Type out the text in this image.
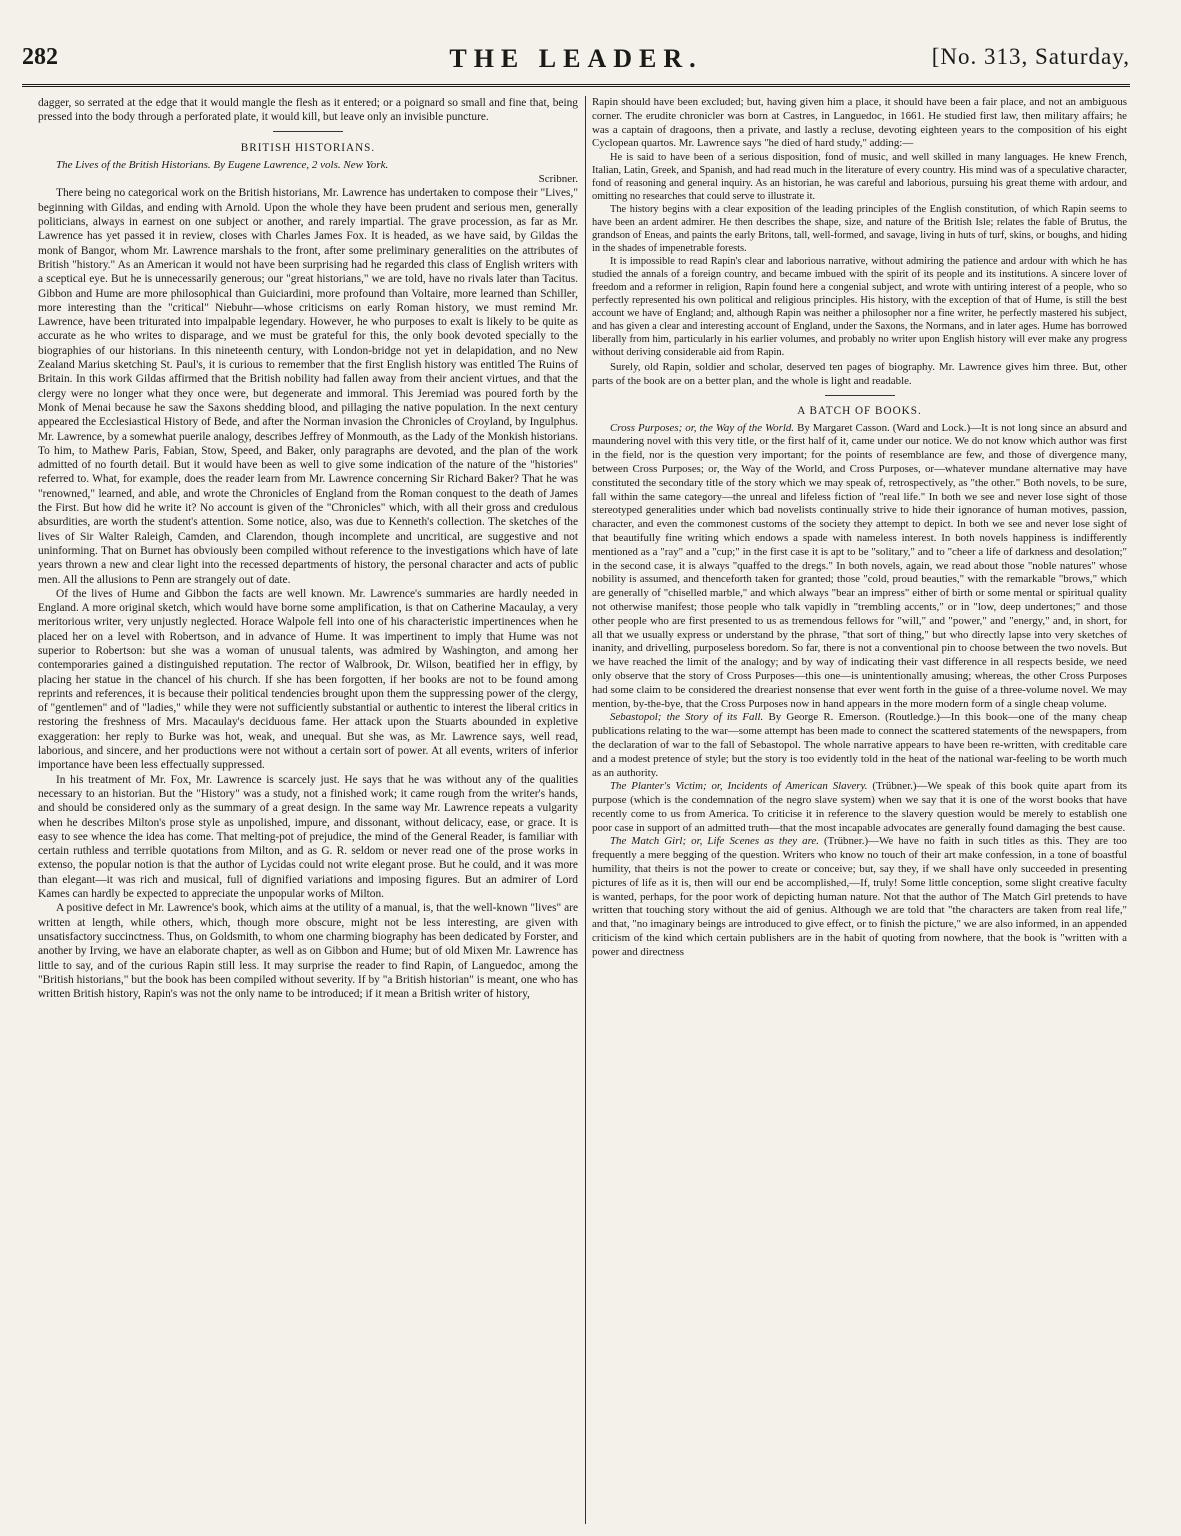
282	THE LEADER.	[No. 313, Saturday,

dagger, so serrated at the edge that it would mangle the flesh as it entered; or a poignard so small and fine that, being pressed into the body through a perforated plate, it would kill, but leave only an invisible puncture.

BRITISH HISTORIANS.

The Lives of the British Historians. By Eugene Lawrence, 2 vols. New York.

Scribner.

There being no categorical work on the British historians, Mr. Lawrence has undertaken to compose their "Lives," beginning with Gildas, and ending with Arnold. Upon the whole they have been prudent and serious men, generally politicians, always in earnest on one subject or another, and rarely impartial. The grave procession, as far as Mr. Lawrence has yet passed it in review, closes with Charles James Fox. It is headed, as we have said, by Gildas the monk of Bangor, whom Mr. Lawrence marshals to the front, after some preliminary generalities on the attributes of British "history." As an American it would not have been surprising had he regarded this class of English writers with a sceptical eye. But he is unnecessarily generous; our "great historians," we are told, have no rivals later than Tacitus. Gibbon and Hume are more philosophical than Guiciardini, more profound than Voltaire, more learned than Schiller, more interesting than the "critical" Niebuhr—whose criticisms on early Roman history, we must remind Mr. Lawrence, have been triturated into impalpable legendary. However, he who purposes to exalt is likely to be quite as accurate as he who writes to disparage, and we must be grateful for this, the only book devoted specially to the biographies of our historians. In this nineteenth century, with London-bridge not yet in delapidation, and no New Zealand Marius sketching St. Paul's, it is curious to remember that the first English history was entitled The Ruins of Britain. In this work Gildas affirmed that the British nobility had fallen away from their ancient virtues, and that the clergy were no longer what they once were, but degenerate and immoral. This Jeremiad was poured forth by the Monk of Menai because he saw the Saxons shedding blood, and pillaging the native population. In the next century appeared the Ecclesiastical History of Bede, and after the Norman invasion the Chronicles of Croyland, by Ingulphus. Mr. Lawrence, by a somewhat puerile analogy, describes Jeffrey of Monmouth, as the Lady of the Monkish historians. To him, to Mathew Paris, Fabian, Stow, Speed, and Baker, only paragraphs are devoted, and the plan of the work admitted of no fourth detail. But it would have been as well to give some indication of the nature of the "histories" referred to. What, for example, does the reader learn from Mr. Lawrence concerning Sir Richard Baker? That he was "renowned," learned, and able, and wrote the Chronicles of England from the Roman conquest to the death of James the First. But how did he write it? No account is given of the "Chronicles" which, with all their gross and credulous absurdities, are worth the student's attention. Some notice, also, was due to Kenneth's collection. The sketches of the lives of Sir Walter Raleigh, Camden, and Clarendon, though incomplete and uncritical, are suggestive and not uninforming. That on Burnet has obviously been compiled without reference to the investigations which have of late years thrown a new and clear light into the recessed departments of history, the personal character and acts of public men. All the allusions to Penn are strangely out of date.

Of the lives of Hume and Gibbon the facts are well known. Mr. Lawrence's summaries are hardly needed in England. A more original sketch, which would have borne some amplification, is that on Catherine Macaulay, a very meritorious writer, very unjustly neglected. Horace Walpole fell into one of his characteristic impertinences when he placed her on a level with Robertson, and in advance of Hume. It was impertinent to imply that Hume was not superior to Robertson: but she was a woman of unusual talents, was admired by Washington, and among her contemporaries gained a distinguished reputation. The rector of Walbrook, Dr. Wilson, beatified her in effigy, by placing her statue in the chancel of his church. If she has been forgotten, if her books are not to be found among reprints and references, it is because their political tendencies brought upon them the suppressing power of the clergy, of "gentlemen" and of "ladies," while they were not sufficiently substantial or authentic to interest the liberal critics in restoring the freshness of Mrs. Macaulay's deciduous fame. Her attack upon the Stuarts abounded in expletive exaggeration: her reply to Burke was hot, weak, and unequal. But she was, as Mr. Lawrence says, well read, laborious, and sincere, and her productions were not without a certain sort of power. At all events, writers of inferior importance have been less effectually suppressed.

In his treatment of Mr. Fox, Mr. Lawrence is scarcely just. He says that he was without any of the qualities necessary to an historian. But the "History" was a study, not a finished work; it came rough from the writer's hands, and should be considered only as the summary of a great design. In the same way Mr. Lawrence repeats a vulgarity when he describes Milton's prose style as unpolished, impure, and dissonant, without delicacy, ease, or grace. It is easy to see whence the idea has come. That melting-pot of prejudice, the mind of the General Reader, is familiar with certain ruthless and terrible quotations from Milton, and as G. R. seldom or never read one of the prose works in extenso, the popular notion is that the author of Lycidas could not write elegant prose. But he could, and it was more than elegant—it was rich and musical, full of dignified variations and imposing figures. But an admirer of Lord Kames can hardly be expected to appreciate the unpopular works of Milton.

A positive defect in Mr. Lawrence's book, which aims at the utility of a manual, is, that the well-known "lives" are written at length, while others, which, though more obscure, might not be less interesting, are given with unsatisfactory succinctness. Thus, on Goldsmith, to whom one charming biography has been dedicated by Forster, and another by Irving, we have an elaborate chapter, as well as on Gibbon and Hume; but of old Mixen Mr. Lawrence has little to say, and of the curious Rapin still less. It may surprise the reader to find Rapin, of Languedoc, among the "British historians," but the book has been compiled without severity. If by "a British historian" is meant, one who has written British history, Rapin's was not the only name to be introduced; if it mean a British writer of history,

Rapin should have been excluded; but, having given him a place, it should have been a fair place, and not an ambiguous corner. The erudite chronicler was born at Castres, in Languedoc, in 1661. He studied first law, then military affairs; he was a captain of dragoons, then a private, and lastly a recluse, devoting eighteen years to the composition of his eight Cyclopean quartos. Mr. Lawrence says "he died of hard study," adding:—

He is said to have been of a serious disposition, fond of music, and well skilled in many languages. He knew French, Italian, Latin, Greek, and Spanish, and had read much in the literature of every country. His mind was of a speculative character, fond of reasoning and general inquiry. As an historian, he was careful and laborious, pursuing his great theme with ardour, and omitting no researches that could serve to illustrate it.

The history begins with a clear exposition of the leading principles of the English constitution, of which Rapin seems to have been an ardent admirer. He then describes the shape, size, and nature of the British Isle; relates the fable of Brutus, the grandson of Eneas, and paints the early Britons, tall, well-formed, and savage, living in huts of turf, skins, or boughs, and hiding in the shades of impenetrable forests.

It is impossible to read Rapin's clear and laborious narrative, without admiring the patience and ardour with which he has studied the annals of a foreign country, and became imbued with the spirit of its people and its institutions. A sincere lover of freedom and a reformer in religion, Rapin found here a congenial subject, and wrote with untiring interest of a people, who so perfectly represented his own political and religious principles. His history, with the exception of that of Hume, is still the best account we have of England; and, although Rapin was neither a philosopher nor a fine writer, he perfectly mastered his subject, and has given a clear and interesting account of England, under the Saxons, the Normans, and in later ages. Hume has borrowed liberally from him, particularly in his earlier volumes, and probably no writer upon English history will ever make any progress without deriving considerable aid from Rapin.

Surely, old Rapin, soldier and scholar, deserved ten pages of biography. Mr. Lawrence gives him three. But, other parts of the book are on a better plan, and the whole is light and readable.

A BATCH OF BOOKS.

Cross Purposes; or, the Way of the World. By Margaret Casson. (Ward and Lock.)—It is not long since an absurd and maundering novel with this very title, or the first half of it, came under our notice. We do not know which author was first in the field, nor is the question very important; for the points of resemblance are few, and those of divergence many, between Cross Purposes; or, the Way of the World, and Cross Purposes, or—whatever mundane alternative may have constituted the secondary title of the story which we may speak of, retrospectively, as "the other." Both novels, to be sure, fall within the same category—the unreal and lifeless fiction of "real life." In both we see and never lose sight of those stereotyped generalities under which bad novelists continually strive to hide their ignorance of human motives, passion, character, and even the commonest customs of the society they attempt to depict. In both we see and never lose sight of that beautifully fine writing which endows a spade with nameless interest. In both novels happiness is indifferently mentioned as a "ray" and a "cup;" in the first case it is apt to be "solitary," and to "cheer a life of darkness and desolation;" in the second case, it is always "quaffed to the dregs." In both novels, again, we read about those "noble natures" whose nobility is assumed, and thenceforth taken for granted; those "cold, proud beauties," with the remarkable "brows," which are generally of "chiselled marble," and which always "bear an impress" either of birth or some mental or spiritual quality not otherwise manifest; those people who talk vapidly in "trembling accents," or in "low, deep undertones;" and those other people who are first presented to us as tremendous fellows for "will," and "power," and "energy," and, in short, for all that we usually express or understand by the phrase, "that sort of thing," but who directly lapse into very sketches of inanity, and drivelling, purposeless boredom. So far, there is not a conventional pin to choose between the two novels. But we have reached the limit of the analogy; and by way of indicating their vast difference in all respects beside, we need only observe that the story of Cross Purposes—this one—is unintentionally amusing; whereas, the other Cross Purposes had some claim to be considered the dreariest nonsense that ever went forth in the guise of a three-volume novel. We may mention, by-the-bye, that the Cross Purposes now in hand appears in the more modern form of a single cheap volume.

Sebastopol; the Story of its Fall. By George R. Emerson. (Routledge.)—In this book—one of the many cheap publications relating to the war—some attempt has been made to connect the scattered statements of the newspapers, from the declaration of war to the fall of Sebastopol. The whole narrative appears to have been re-written, with creditable care and a modest pretence of style; but the story is too evidently told in the heat of the national war-feeling to be worth much as an authority.

The Planter's Victim; or, Incidents of American Slavery. (Trübner.)—We speak of this book quite apart from its purpose (which is the condemnation of the negro slave system) when we say that it is one of the worst books that have recently come to us from America. To criticise it in reference to the slavery question would be merely to establish one poor case in support of an admitted truth—that the most incapable advocates are generally found damaging the best cause.

The Match Girl; or, Life Scenes as they are. (Trübner.)—We have no faith in such titles as this. They are too frequently a mere begging of the question. Writers who know no touch of their art make confession, in a tone of boastful humility, that theirs is not the power to create or conceive; but, say they, if we shall have only succeeded in presenting pictures of life as it is, then will our end be accomplished,—If, truly! Some little conception, some slight creative faculty is wanted, perhaps, for the poor work of depicting human nature. Not that the author of The Match Girl pretends to have written that touching story without the aid of genius. Although we are told that "the characters are taken from real life," and that, "no imaginary beings are introduced to give effect, or to finish the picture," we are also informed, in an appended criticism of the kind which certain publishers are in the habit of quoting from nowhere, that the book is "written with a power and directness
